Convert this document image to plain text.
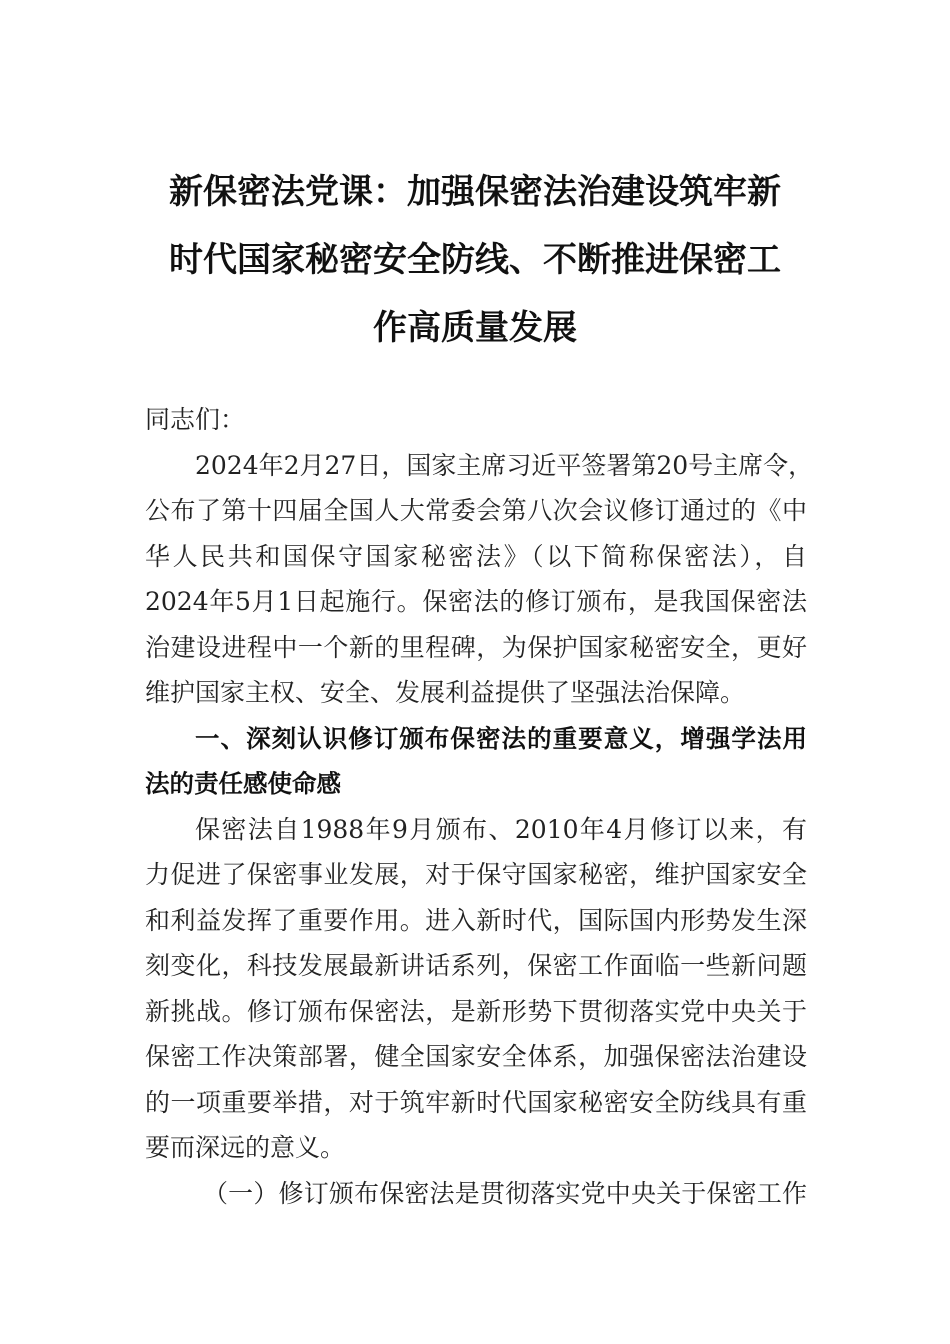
新保密法党课：加强保密法治建设筑牢新
时代国家秘密安全防线、不断推进保密工
作高质量发展
同志们：
2024年2月27日，国家主席习近平签署第20号主席令，
公布了第十四届全国人大常委会第八次会议修订通过的《中
华人民共和国保守国家秘密法》（以下简称保密法），自
2024年5月1日起施行。保密法的修订颁布，是我国保密法
治建设进程中一个新的里程碑，为保护国家秘密安全，更好
维护国家主权、安全、发展利益提供了坚强法治保障。
一、深刻认识修订颁布保密法的重要意义，增强学法用
法的责任感使命感
保密法自1988年9月颁布、2010年4月修订以来，有
力促进了保密事业发展，对于保守国家秘密，维护国家安全
和利益发挥了重要作用。进入新时代，国际国内形势发生深
刻变化，科技发展最新讲话系列，保密工作面临一些新问题
新挑战。修订颁布保密法，是新形势下贯彻落实党中央关于
保密工作决策部署，健全国家安全体系，加强保密法治建设
的一项重要举措，对于筑牢新时代国家秘密安全防线具有重
要而深远的意义。
（一）修订颁布保密法是贯彻落实党中央关于保密工作
